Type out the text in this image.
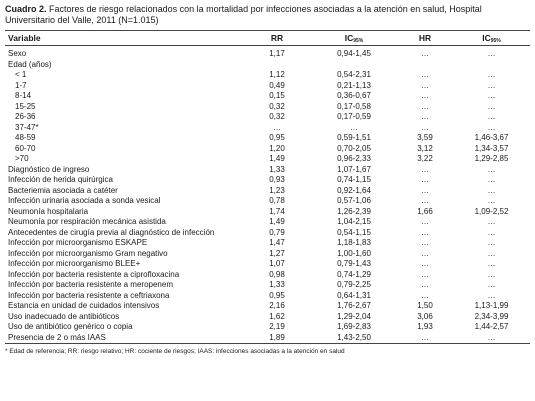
Cuadro 2. Factores de riesgo relacionados con la mortalidad por infecciones asociadas a la atención en salud, Hospital Universitario del Valle, 2011 (N=1.015)

Variable	RR	$IC_{95\%}$	HR	$IC_{95\%}$
Sexo	1,17	0,94-1,45	…	…
Edad (años)				
< 1	1,12	0,54-2,31	…	…
1-7	0,49	0,21-1,13	…	…
8-14	0,15	0,36-0,67	…	…
15-25	0,32	0,17-0,58	…	…
26-36	0,32	0,17-0,59	…	…
37-47*	…	…	…	…
48-59	0,95	0,59-1,51	3,59	1,46-3,67
60-70	1,20	0,70-2,05	3,12	1,34-3,57
>70	1,49	0,96-2,33	3,22	1,29-2,85
Diagnóstico de ingreso	1,33	1,07-1,67	…	…
Infección de herida quirúrgica	0,93	0,74-1,15	…	…
Bacteriemia asociada a catéter	1,23	0,92-1,64	…	…
Infección urinaria asociada a sonda vesical	0,78	0,57-1,06	…	…
Neumonía hospitalaria	1,74	1,26-2,39	1,66	1,09-2,52
Neumonía por respiración mecánica asistida	1,49	1,04-2,15	…	…
Antecedentes de cirugía previa al diagnóstico de infección	0,79	0,54-1,15	…	…
Infección por microorganismo ESKAPE	1,47	1,18-1,83	…	…
Infección por microorganismo Gram negativo	1,27	1,00-1,60	…	…
Infección por microorganismo BLEE+	1,07	0,79-1,43	…	…
Infección por bacteria resistente a ciprofloxacina	0,98	0,74-1,29	…	…
Infección por bacteria resistente a meropenem	1,33	0,79-2,25	…	…
Infección por bacteria resistente a ceftriaxona	0,95	0,64-1,31	…	…
Estancia en unidad de cuidados intensivos	2,16	1,76-2,67	1,50	1,13-1,99
Uso inadecuado de antibióticos	1,62	1,29-2,04	3,06	2,34-3,99
Uso de antibiótico genérico o copia	2,19	1,69-2,83	1,93	1,44-2,57
Presencia de 2 o más IAAS	1,89	1,43-2,50	…	…
* Edad de referencia; RR: riesgo relativo; HR: cociente de riesgos; IAAS: infecciones asociadas a la atención en salud
